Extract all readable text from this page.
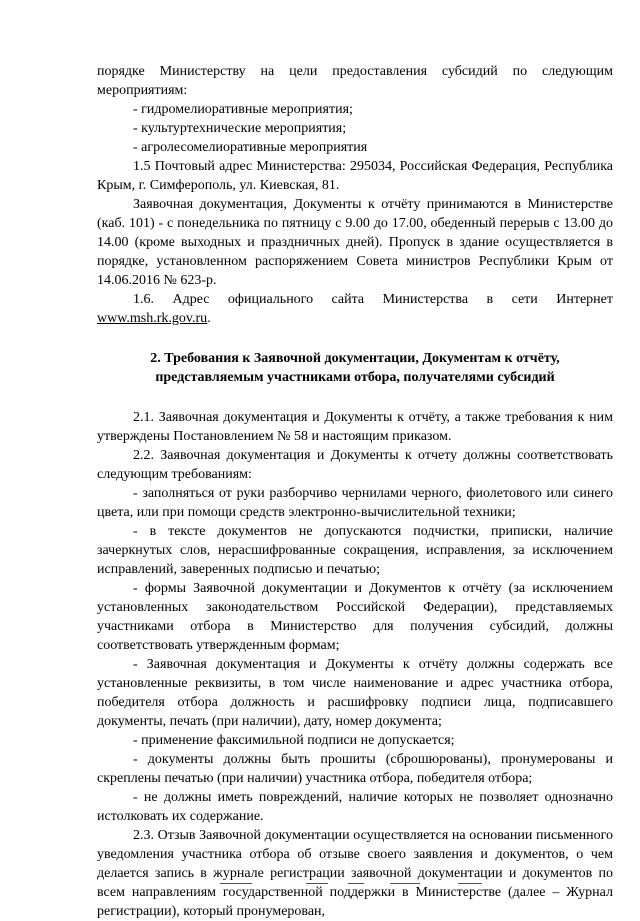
порядке Министерству на цели предоставления субсидий по следующим мероприятиям:

- гидромелиоративные мероприятия;

- культуртехнические мероприятия;

- агролесомелиоративные мероприятия

1.5 Почтовый адрес Министерства: 295034, Российская Федерация, Республика Крым, г. Симферополь, ул. Киевская, 81.

Заявочная документация, Документы к отчёту принимаются в Министерстве (каб. 101) - с понедельника по пятницу с 9.00 до 17.00, обеденный перерыв с 13.00 до 14.00 (кроме выходных и праздничных дней). Пропуск в здание осуществляется в порядке, установленном распоряжением Совета министров Республики Крым от 14.06.2016 № 623-р.

1.6. Адрес официального сайта Министерства в сети Интернет www.msh.rk.gov.ru.

2. Требования к Заявочной документации, Документам к отчёту, представляемым участниками отбора, получателями субсидий

2.1. Заявочная документация и Документы к отчёту, а также требования к ним утверждены Постановлением № 58 и настоящим приказом.

2.2. Заявочная документация и Документы к отчету должны соответствовать следующим требованиям:

- заполняться от руки разборчиво чернилами черного, фиолетового или синего цвета, или при помощи средств электронно-вычислительной техники;

- в тексте документов не допускаются подчистки, приписки, наличие зачеркнутых слов, нерасшифрованные сокращения, исправления, за исключением исправлений, заверенных подписью и печатью;

- формы Заявочной документации и Документов к отчёту (за исключением установленных законодательством Российской Федерации), представляемых участниками отбора в Министерство для получения субсидий, должны соответствовать утвержденным формам;

- Заявочная документация и Документы к отчёту должны содержать все установленные реквизиты, в том числе наименование и адрес участника отбора, победителя отбора должность и расшифровку подписи лица, подписавшего документы, печать (при наличии), дату, номер документа;

- применение факсимильной подписи не допускается;

- документы должны быть прошиты (сброшюрованы), пронумерованы и скреплены печатью (при наличии) участника отбора, победителя отбора;

- не должны иметь повреждений, наличие которых не позволяет однозначно истолковать их содержание.

2.3. Отзыв Заявочной документации осуществляется на основании письменного уведомления участника отбора об отзыве своего заявления и документов, о чем делается запись в журнале регистрации заявочной документации и документов по всем направлениям государственной поддержки в Министерстве (далее – Журнал регистрации), который пронумерован,
